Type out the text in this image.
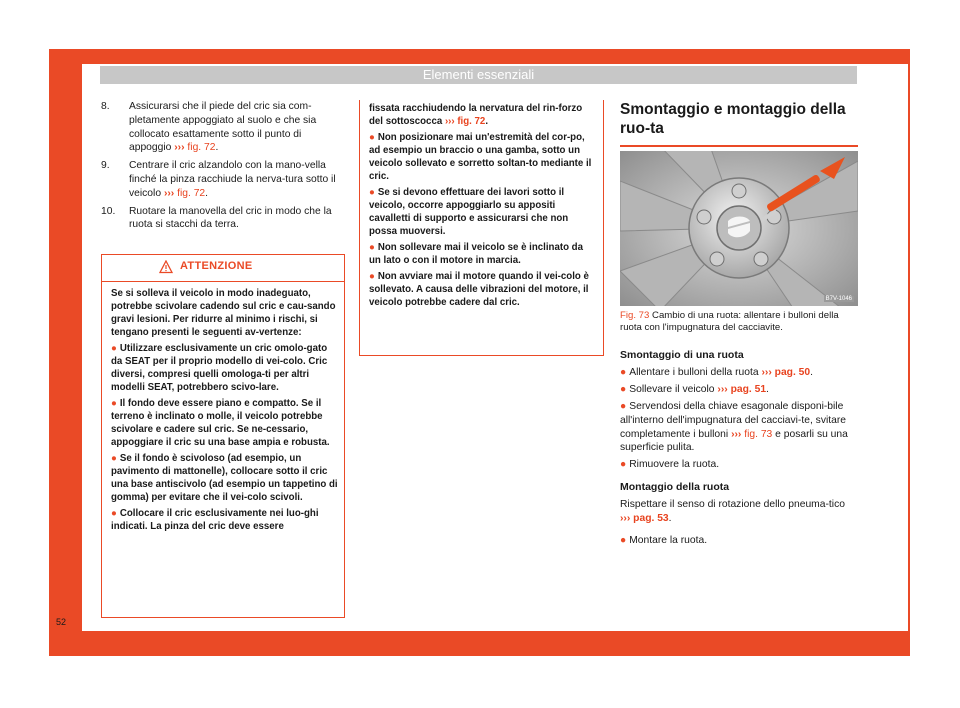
Elementi essenziali
52
8. Assicurarsi che il piede del cric sia com-pletamente appoggiato al suolo e che sia collocato esattamente sotto il punto di appoggio ››› fig. 72.
9. Centrare il cric alzandolo con la mano-vella finché la pinza racchiude la nerva-tura sotto il veicolo ››› fig. 72.
10. Ruotare la manovella del cric in modo che la ruota si stacchi da terra.
ATTENZIONE

Se si solleva il veicolo in modo inadeguato, potrebbe scivolare cadendo sul cric e cau-sando gravi lesioni. Per ridurre al minimo i rischi, si tengano presenti le seguenti av-vertenze:

● Utilizzare esclusivamente un cric omolo-gato da SEAT per il proprio modello di vei-colo. Cric diversi, compresi quelli omologa-ti per altri modelli SEAT, potrebbero scivo-lare.

● Il fondo deve essere piano e compatto. Se il terreno è inclinato o molle, il veicolo potrebbe scivolare e cadere sul cric. Se ne-cessario, appoggiare il cric su una base ampia e robusta.

● Se il fondo è scivoloso (ad esempio, un pavimento di mattonelle), collocare sotto il cric una base antiscivolo (ad esempio un tappetino di gomma) per evitare che il vei-colo scivoli.

● Collocare il cric esclusivamente nei luo-ghi indicati. La pinza del cric deve essere

fissata racchiudendo la nervatura del rin-forzo del sottoscocca ››› fig. 72.

● Non posizionare mai un'estremità del cor-po, ad esempio un braccio o una gamba, sotto un veicolo sollevato e sorretto soltan-to mediante il cric.

● Se si devono effettuare dei lavori sotto il veicolo, occorre appoggiarlo su appositi cavalletti di supporto e assicurarsi che non possa muoversi.

● Non sollevare mai il veicolo se è inclinato da un lato o con il motore in marcia.

● Non avviare mai il motore quando il vei-colo è sollevato. A causa delle vibrazioni del motore, il veicolo potrebbe cadere dal cric.

Smontaggio e montaggio della ruo-ta
B7V-1046
Fig. 73 Cambio di una ruota: allentare i bulloni della ruota con l'impugnatura del cacciavite.

Smontaggio di una ruota

● Allentare i bulloni della ruota ››› pag. 50.

● Sollevare il veicolo ››› pag. 51.

● Servendosi della chiave esagonale disponi-bile all'interno dell'impugnatura del cacciavi-te, svitare completamente i bulloni ››› fig. 73 e posarli su una superficie pulita.

● Rimuovere la ruota.

Montaggio della ruota

Rispettare il senso di rotazione dello pneuma-tico ››› pag. 53.

● Montare la ruota.
